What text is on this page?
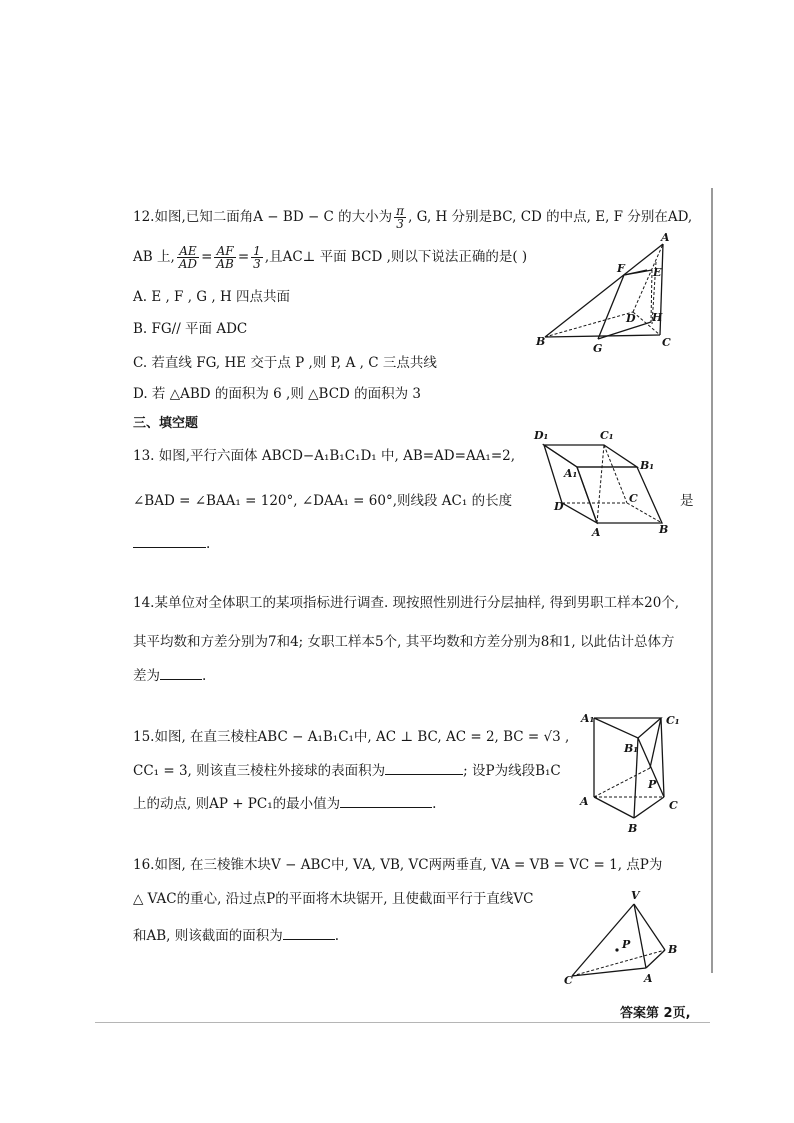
12.如图,已知二面角A − BD − C 的大小为 $\frac{\pi}{3}$ , G, H 分别是BC, CD 的中点, E, F 分别在AD,
AB 上, $\frac{AE}{AD} = \frac{AF}{AB} = \frac{1}{3}$ ,且AC⊥ 平面 BCD ,则以下说法正确的是( )
A. E , F , G , H 四点共面
B. FG// 平面 ADC
C. 若直线 FG, HE 交于点 P ,则 P, A , C 三点共线
D. 若 △ABD 的面积为 6 ,则 △BCD 的面积为 3
A
F	E
D H
B
G	C
三、填空题
13. 如图,平行六面体 ABCD−A₁B₁C₁D₁ 中, AB=AD=AA₁=2,
∠BAD = ∠BAA₁ = 120°, ∠DAA₁ = 60°,则线段 AC₁ 的长度	是
.
D₁	C₁
B₁
A₁
C
D
A	B
14.某单位对全体职工的某项指标进行调查. 现按照性别进行分层抽样, 得到男职工样本20个,
其平均数和方差分别为7和4; 女职工样本5个, 其平均数和方差分别为8和1, 以此估计总体方
差为	.
15.如图, 在直三棱柱ABC − A₁B₁C₁中, AC ⊥ BC, AC = 2, BC = √3 ,
CC₁ = 3, 则该直三棱柱外接球的表面积为	; 设P为线段B₁C
上的动点, 则AP + PC₁的最小值为	.
A₁	C₁
B₁
P
A	C
B
16.如图, 在三棱锥木块V − ABC中, VA, VB, VC两两垂直, VA = VB = VC = 1, 点P为
△ VAC的重心, 沿过点P的平面将木块锯开, 且使截面平行于直线VC
和AB, 则该截面的面积为	.
V
P	B
C	A
答案第 2页,
